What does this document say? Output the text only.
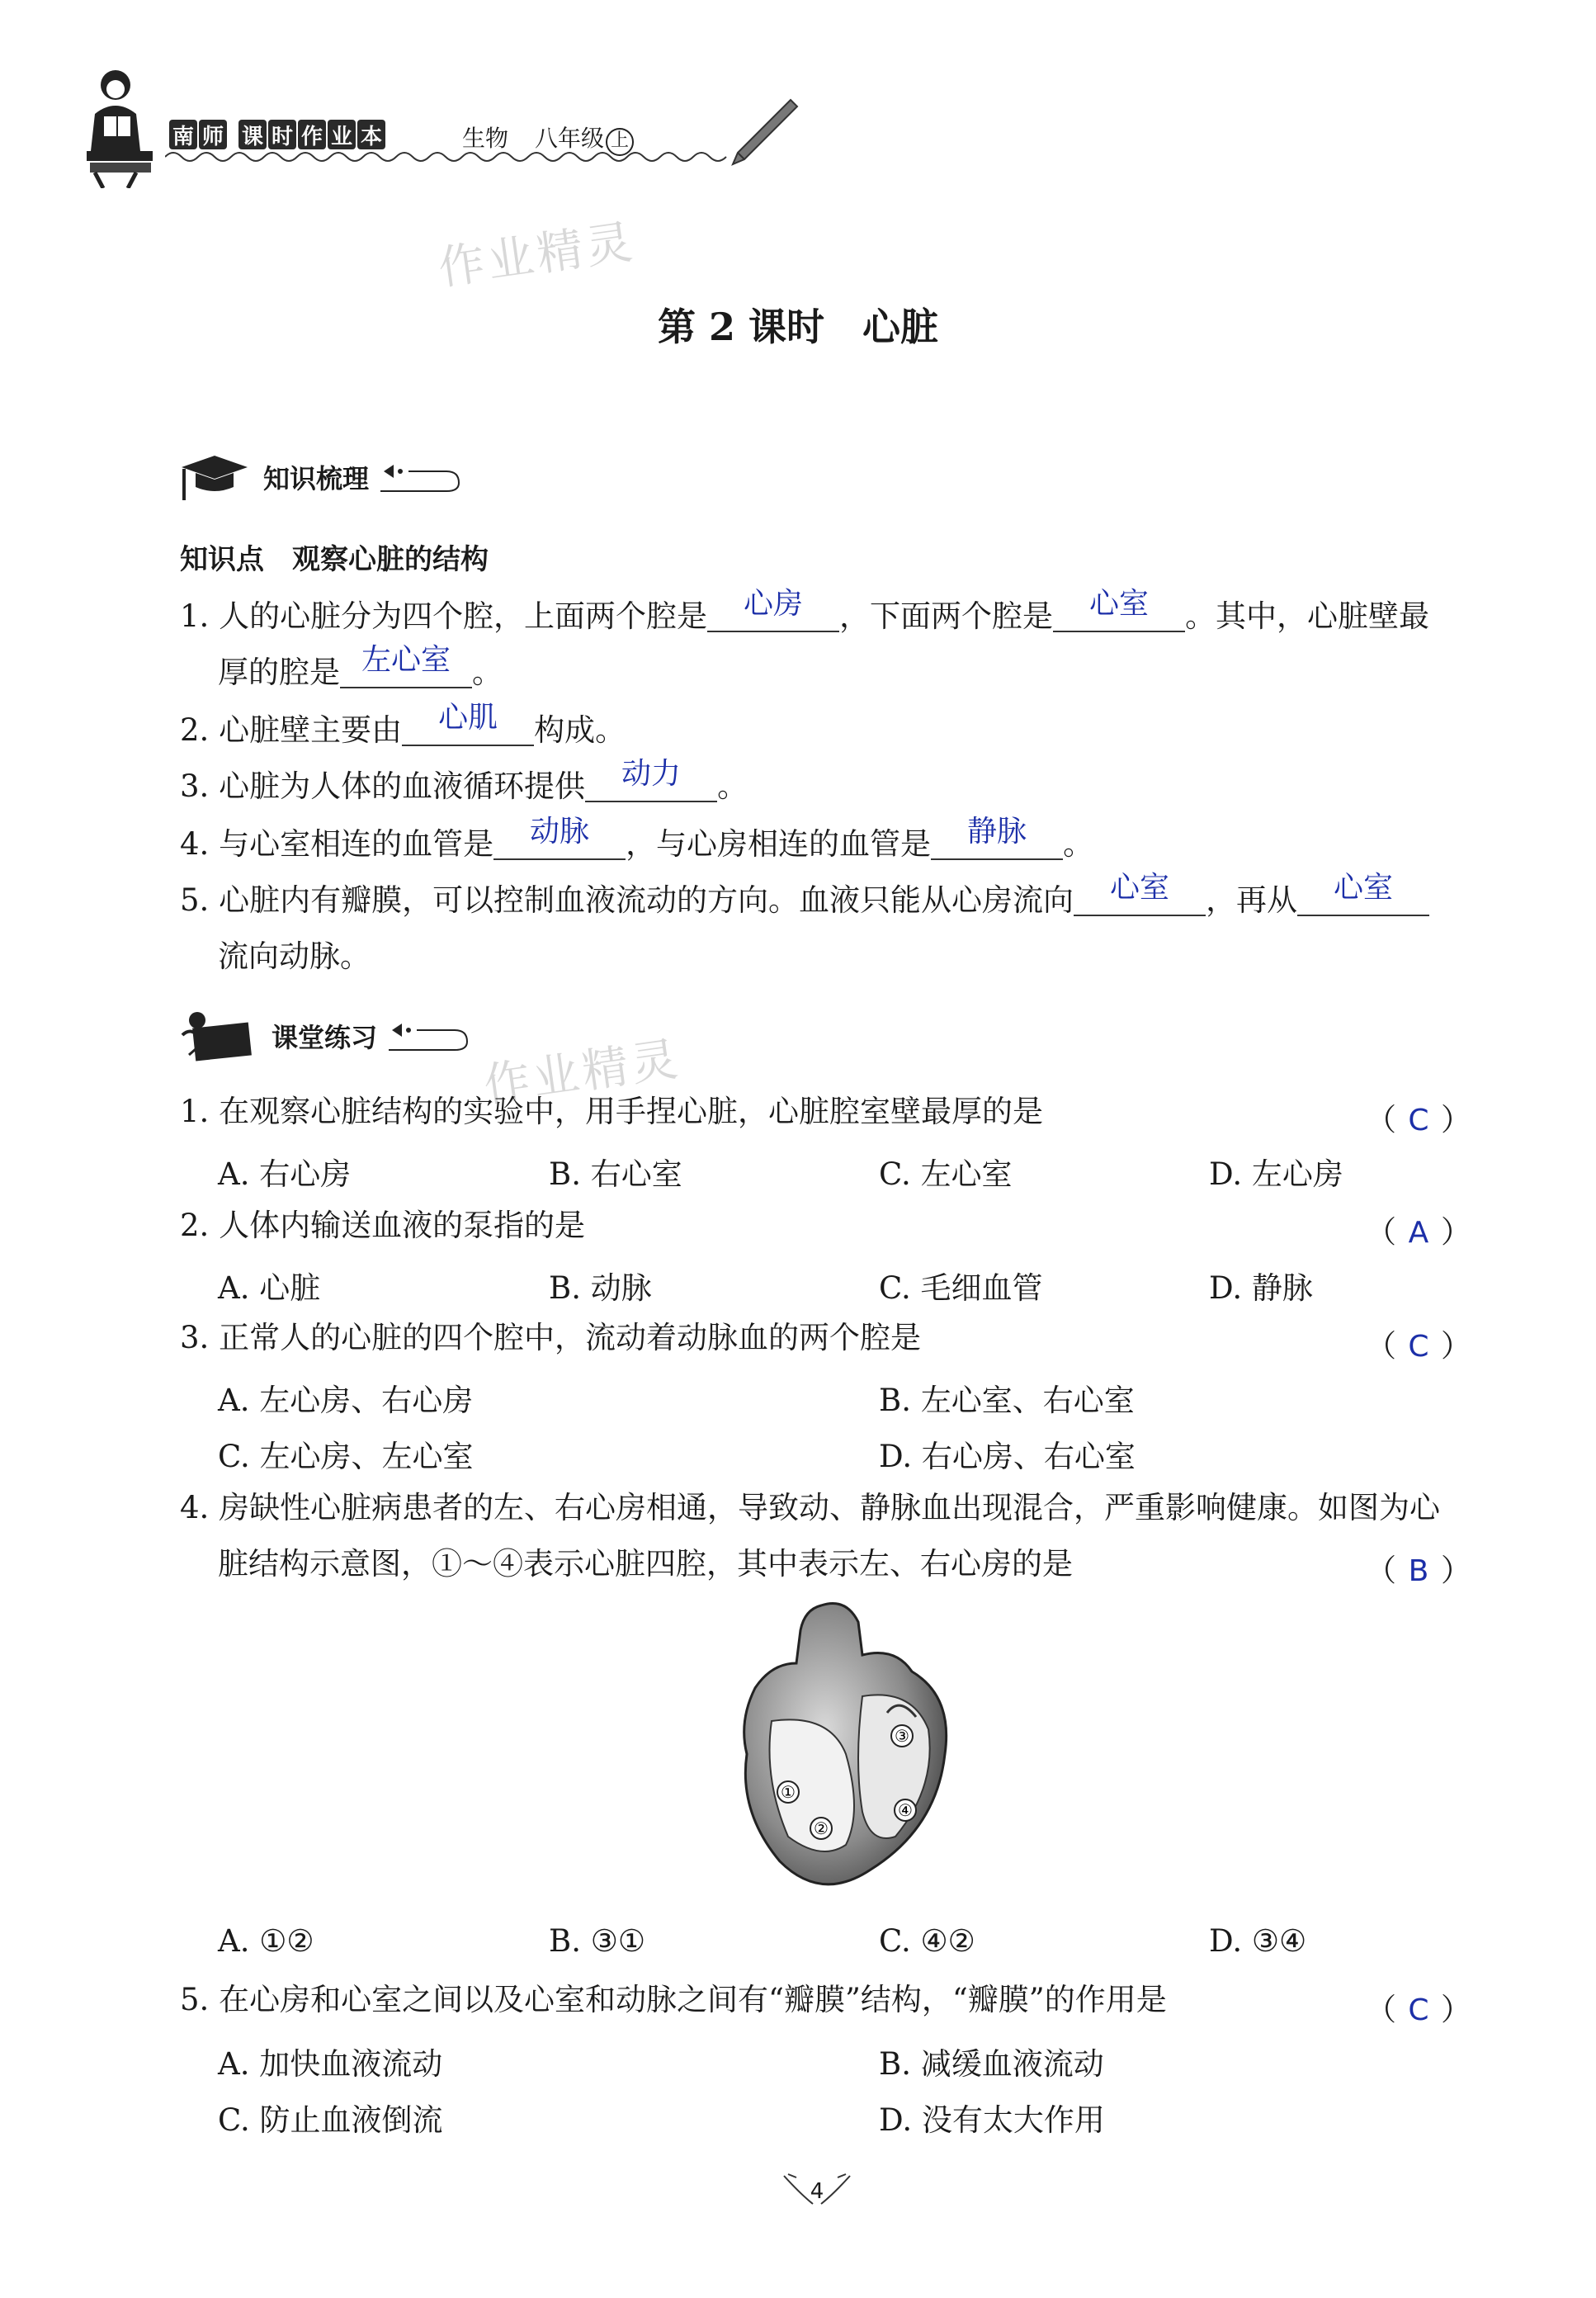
南 师 课 时 作 业 本	生物 八年级 上
作业精灵
作业精灵
第 2 课时　心脏
知识梳理
知识点　观察心脏的结构
1. 人的心脏分为四个腔，上面两个腔是 心房 ，下面两个腔是 心室 。其中，心脏壁最
厚的腔是 左心室 。
2. 心脏壁主要由 心肌 构成。
3. 心脏为人体的血液循环提供 动力 。
4. 与心室相连的血管是 动脉 ，与心房相连的血管是 静脉 。
5. 心脏内有瓣膜，可以控制血液流动的方向。血液只能从心房流向 心室 ，再从 心室
流向动脉。
课堂练习
1. 在观察心脏结构的实验中，用手捏心脏，心脏腔室壁最厚的是	（ C ）
A. 右心房	B. 右心室	C. 左心室	D. 左心房
2. 人体内输送血液的泵指的是	（ A ）
A. 心脏	B. 动脉	C. 毛细血管	D. 静脉
3. 正常人的心脏的四个腔中，流动着动脉血的两个腔是	（ C ）
A. 左心房、右心房	B. 左心室、右心室
C. 左心房、左心室	D. 右心房、右心室
4. 房缺性心脏病患者的左、右心房相通，导致动、静脉血出现混合，严重影响健康。如图为心
脏结构示意图，①～④表示心脏四腔，其中表示左、右心房的是	（ B ）
①
②
③
④
A. ①②	B. ③①	C. ④②	D. ③④
5. 在心房和心室之间以及心室和动脉之间有“瓣膜”结构，“瓣膜”的作用是	（ C ）
A. 加快血液流动	B. 减缓血液流动
C. 防止血液倒流	D. 没有太大作用
4
